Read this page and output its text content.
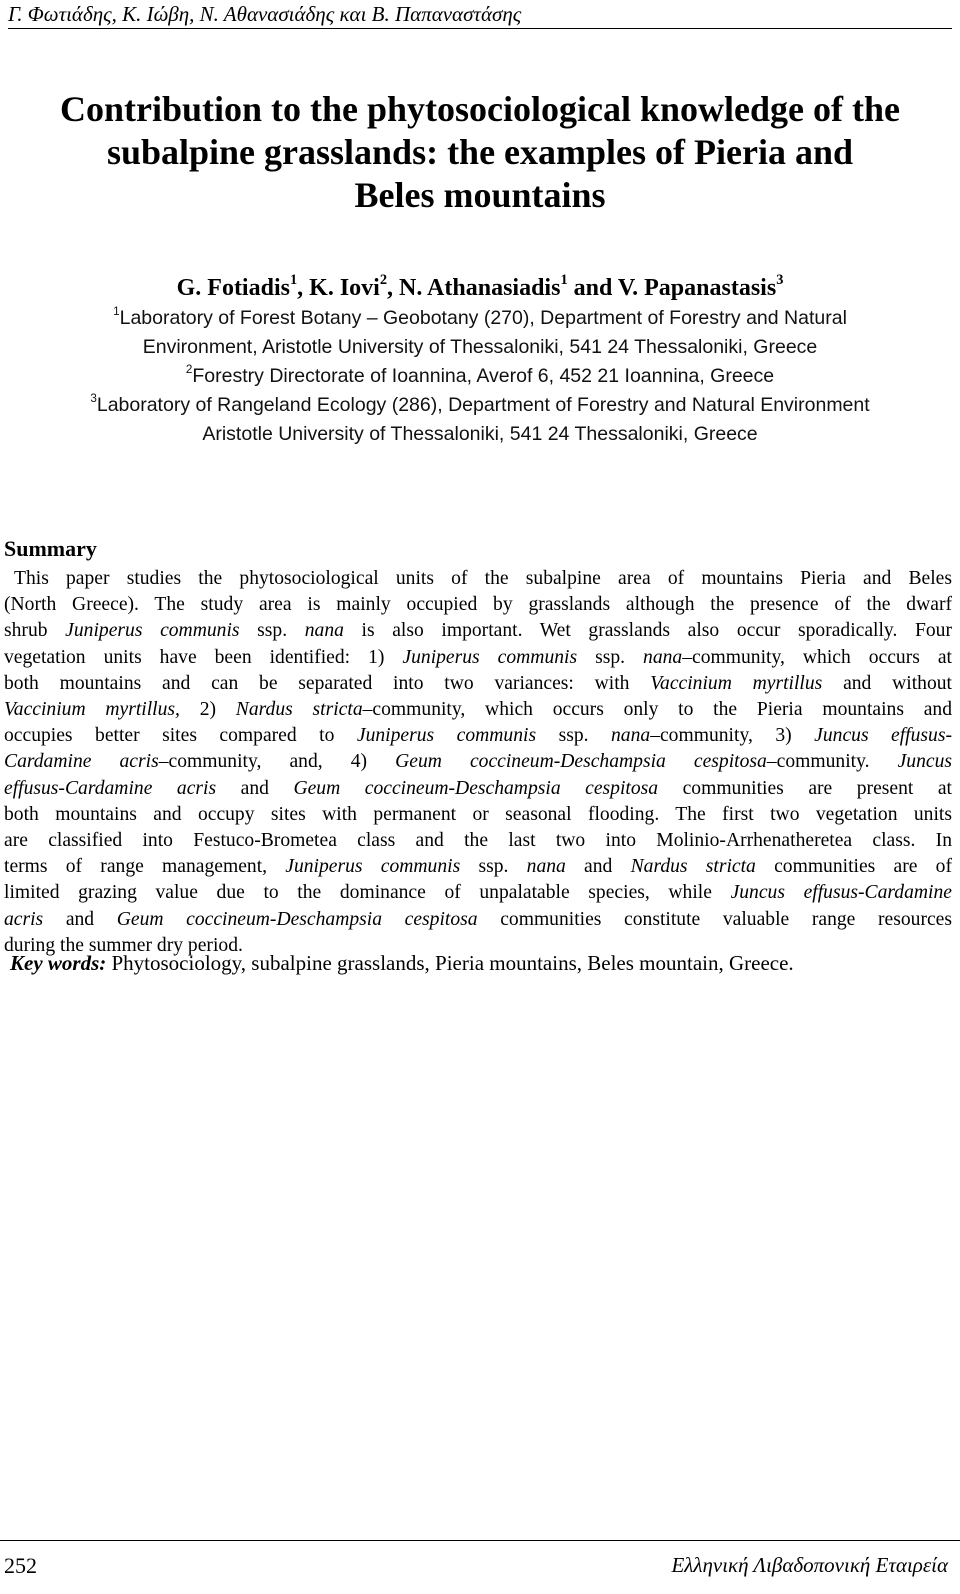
Γ. Φωτιάδης, Κ. Ιώβη, Ν. Αθανασιάδης και Β. Παπαναστάσης
Contribution to the phytosociological knowledge of the
subalpine grasslands: the examples of Pieria and
Beles mountains
G. Fotiadis$^1$, K. Iovi$^2$, N. Athanasiadis$^1$ and V. Papanastasis$^3$
$^1$Laboratory of Forest Botany – Geobotany (270), Department of Forestry and Natural
Environment, Aristotle University of Thessaloniki, 541 24 Thessaloniki, Greece
$^2$Forestry Directorate of Ioannina, Averof 6, 452 21 Ioannina, Greece
$^3$Laboratory of Rangeland Ecology (286), Department of Forestry and Natural Environment
Aristotle University of Thessaloniki, 541 24 Thessaloniki, Greece
Summary
This paper studies the phytosociological units of the subalpine area of mountains Pieria and Beles
(North Greece). The study area is mainly occupied by grasslands although the presence of the dwarf
shrub Juniperus communis ssp. nana is also important. Wet grasslands also occur sporadically. Four
vegetation units have been identified: 1) Juniperus communis ssp. nana–community, which occurs at
both mountains and can be separated into two variances: with Vaccinium myrtillus and without
Vaccinium myrtillus, 2) Nardus stricta–community, which occurs only to the Pieria mountains and
occupies better sites compared to Juniperus communis ssp. nana–community, 3) Juncus effusus-
Cardamine acris–community, and, 4) Geum coccineum-Deschampsia cespitosa–community. Juncus
effusus-Cardamine acris and Geum coccineum-Deschampsia cespitosa communities are present at
both mountains and occupy sites with permanent or seasonal flooding. The first two vegetation units
are classified into Festuco-Brometea class and the last two into Molinio-Arrhenatheretea class. In
terms of range management, Juniperus communis ssp. nana and Nardus stricta communities are of
limited grazing value due to the dominance of unpalatable species, while Juncus effusus-Cardamine
acris and Geum coccineum-Deschampsia cespitosa communities constitute valuable range resources
during the summer dry period.
Key words: Phytosociology, subalpine grasslands, Pieria mountains, Beles mountain, Greece.
252	Ελληνική Λιβαδοπονική Εταιρεία
